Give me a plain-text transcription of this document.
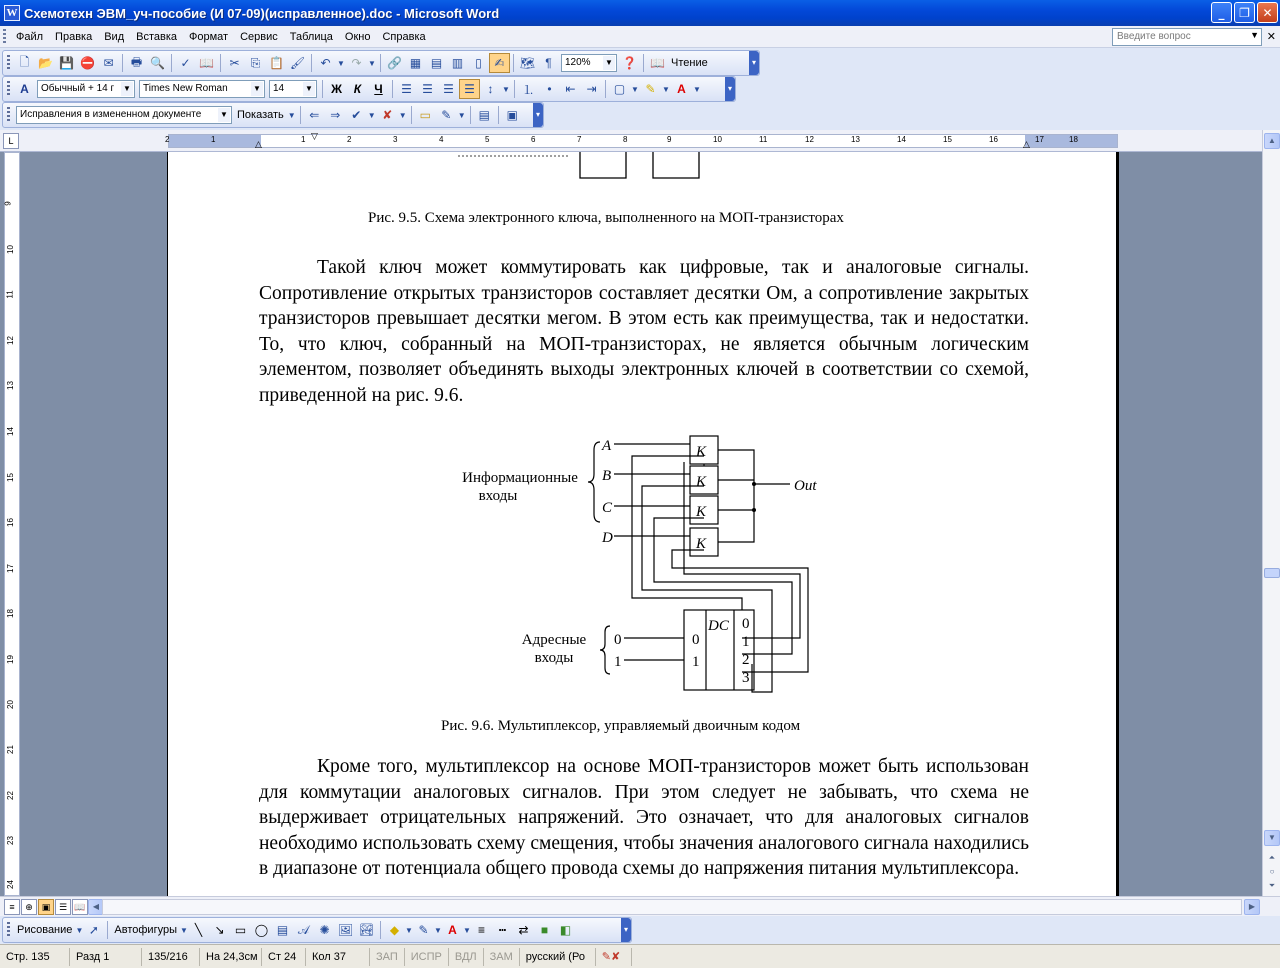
W Схемотехн ЭВМ_уч-пособие (И 07-09)(исправленное).doc - Microsoft Word	_	❐	✕
Файл	Правка	Вид	Вставка	Формат	Сервис	Таблица	Окно	Справка	Введите вопрос	▼ ✕
🗋 📂 💾 ⛔ ✉	🖶 🔍	✓ 📖	✂ ⎘ 📋 🖌	↶ ▼ ↷ ▼ 🔗 ▦ ▤ ▥	▯	✍	🗺 ¶	120% ▼ ❓ 📖 Чтение	▾
A	Обычный + 14 г ▼	Times New Roman	▼	14	▼	Ж К	Ч	☰ ☰ ☰ ☰	↕	▼	⒈	•	⇤ ⇥	▢ ▼ ✎ ▼ A ▼	▾
Исправления в измененном документе ▼ Показать ▼	⇐ ⇒ ✔ ▼ ✘ ▼	▭ ✎ ▼	▤	▣	▾
L	2	1	1	2	3	4	5	6	7	8	9	10	11	12	13	14	15	16	17	18
▽
△	△
9
10
11
12
13
14
15
16
17
18
19
20
21
22
23
24
Рис. 9.5. Схема электронного ключа, выполненного на МОП-транзисторах
Такой ключ может коммутировать как цифровые, так и аналоговые сигналы. Сопротивление открытых транзисторов составляет десятки Ом, а сопротивление закрытых транзисторов превышает десятки мегом. В этом есть как преимущества, так и недостатки. То, что ключ, собранный на МОП-транзисторах, не является обычным логическим элементом, позволяет объединять выходы электронных ключей в соответствии со схемой, приведенной на рис. 9.6.
Информационные
входы
A
B
C
D
K
K
K
K
Out
Адресные
входы
0
1
0
1
DC 0
1
2
3
Рис. 9.6. Мультиплексор, управляемый двоичным кодом
Кроме того, мультиплексор на основе МОП-транзисторов может быть использован для коммутации аналоговых сигналов. При этом следует не забывать, что схема не выдерживает отрицательных напряжений. Это означает, что для аналоговых сигналов необходимо использовать схему смещения, чтобы значения аналогового сигнала находились в диапазоне от потенциала общего провода схемы до напряжения питания мультиплексора.
▲
▼
⏶
○
⏷
≡	⊕ ▣ ☰ 📖 ◀	▶
Рисование ▼ ➚	Автофигуры ▼ ╲	↘ ▭ ◯ ▤ 𝒜 ✺ 🖼 🏞	◆ ▼ ✎ ▼ A ▼ ≡	┅	⇄	■ ◧	▾
Стр. 135	Разд 1	135/216	На 24,3см Ст 24	Кол 37	ЗАП	ИСПР	ВДЛ	ЗАМ	русский (Ро	✎✘
